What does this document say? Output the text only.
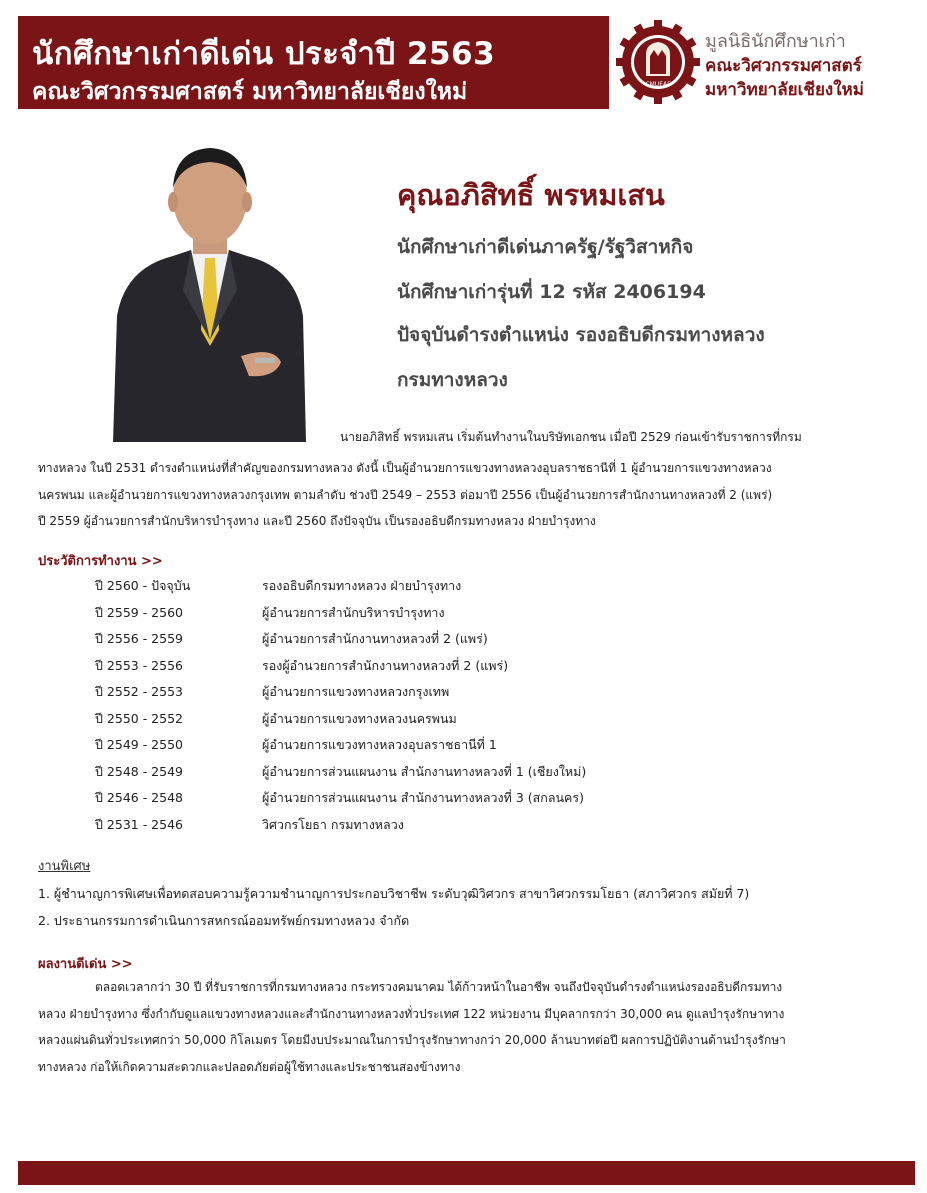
นักศึกษาเก่าดีเด่น ประจำปี 2563
คณะวิศวกรรมศาสตร์ มหาวิทยาลัยเชียงใหม่	CMUEAF
มูลนิธินักศึกษาเก่า
คณะวิศวกรรมศาสตร์
มหาวิทยาลัยเชียงใหม่
คุณอภิสิทธิ์ พรหมเสน
นักศึกษาเก่าดีเด่นภาครัฐ/รัฐวิสาหกิจ
นักศึกษาเก่ารุ่นที่ 12 รหัส 2406194
ปัจจุบันดำรงตำแหน่ง รองอธิบดีกรมทางหลวง
กรมทางหลวง
นายอภิสิทธิ์ พรหมเสน เริ่มต้นทำงานในบริษัทเอกชน เมื่อปี 2529 ก่อนเข้ารับราชการที่กรม
ทางหลวง ในปี 2531 ดำรงตำแหน่งที่สำคัญของกรมทางหลวง ดังนี้ เป็นผู้อำนวยการแขวงทางหลวงอุบลราชธานีที่ 1 ผู้อำนวยการแขวงทางหลวง
นครพนม และผู้อำนวยการแขวงทางหลวงกรุงเทพ ตามลำดับ ช่วงปี 2549 – 2553 ต่อมาปี 2556 เป็นผู้อำนวยการสำนักงานทางหลวงที่ 2 (แพร่)
ปี 2559 ผู้อำนวยการสำนักบริหารบำรุงทาง และปี 2560 ถึงปัจจุบัน เป็นรองอธิบดีกรมทางหลวง ฝ่ายบำรุงทาง
ประวัติการทำงาน >>
ปี 2560 - ปัจจุบัน	รองอธิบดีกรมทางหลวง ฝ่ายบำรุงทาง
ปี 2559 - 2560	ผู้อำนวยการสำนักบริหารบำรุงทาง
ปี 2556 - 2559	ผู้อำนวยการสำนักงานทางหลวงที่ 2 (แพร่)
ปี 2553 - 2556	รองผู้อำนวยการสำนักงานทางหลวงที่ 2 (แพร่)
ปี 2552 - 2553	ผู้อำนวยการแขวงทางหลวงกรุงเทพ
ปี 2550 - 2552	ผู้อำนวยการแขวงทางหลวงนครพนม
ปี 2549 - 2550	ผู้อำนวยการแขวงทางหลวงอุบลราชธานีที่ 1
ปี 2548 - 2549	ผู้อำนวยการส่วนแผนงาน สำนักงานทางหลวงที่ 1 (เชียงใหม่)
ปี 2546 - 2548	ผู้อำนวยการส่วนแผนงาน สำนักงานทางหลวงที่ 3 (สกลนคร)
ปี 2531 - 2546	วิศวกรโยธา กรมทางหลวง
งานพิเศษ
1. ผู้ชำนาญการพิเศษเพื่อทดสอบความรู้ความชำนาญการประกอบวิชาชีพ ระดับวุฒิวิศวกร สาขาวิศวกรรมโยธา (สภาวิศวกร สมัยที่ 7)
2. ประธานกรรมการดำเนินการสหกรณ์ออมทรัพย์กรมทางหลวง จำกัด
ผลงานดีเด่น >>
ตลอดเวลากว่า 30 ปี ที่รับราชการที่กรมทางหลวง กระทรวงคมนาคม ได้ก้าวหน้าในอาชีพ จนถึงปัจจุบันดำรงตำแหน่งรองอธิบดีกรมทาง
หลวง ฝ่ายบำรุงทาง ซึ่งกำกับดูแลแขวงทางหลวงและสำนักงานทางหลวงทั่วประเทศ 122 หน่วยงาน มีบุคลากรกว่า 30,000 คน ดูแลบำรุงรักษาทาง
หลวงแผ่นดินทั่วประเทศกว่า 50,000 กิโลเมตร โดยมีงบประมาณในการบำรุงรักษาทางกว่า 20,000 ล้านบาทต่อปี ผลการปฏิบัติงานด้านบำรุงรักษา
ทางหลวง ก่อให้เกิดความสะดวกและปลอดภัยต่อผู้ใช้ทางและประชาชนสองข้างทาง
